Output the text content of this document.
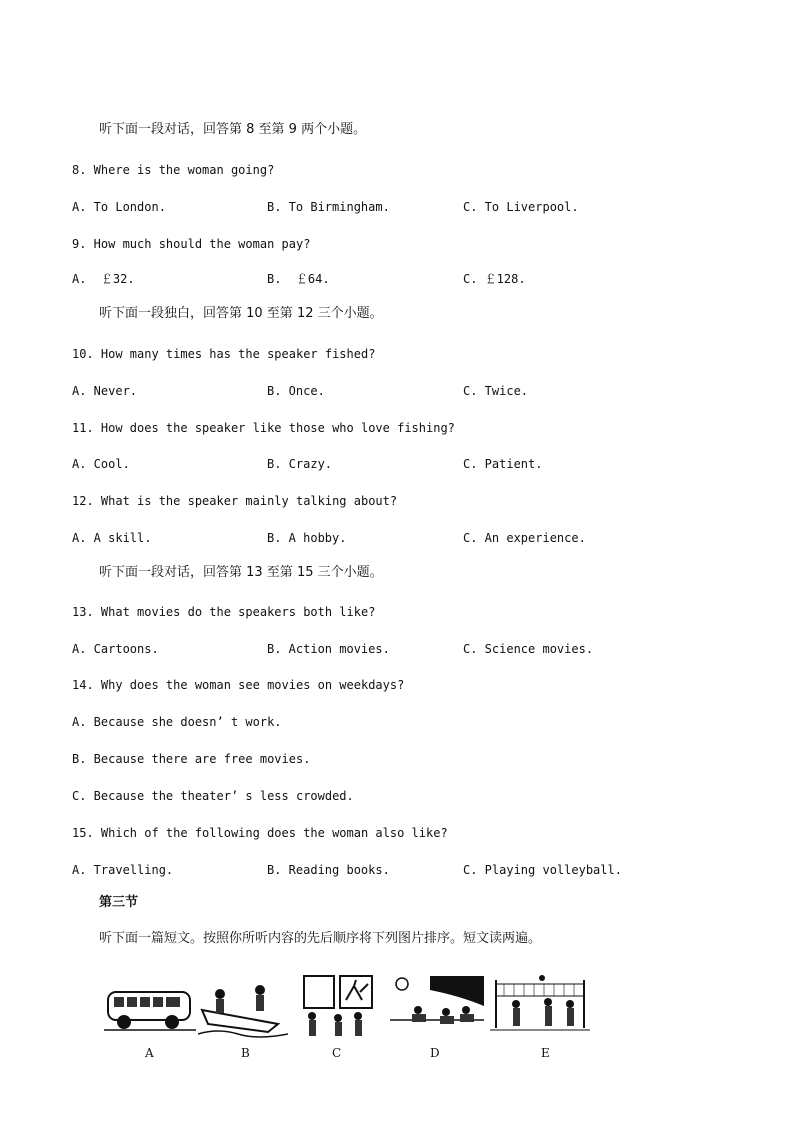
听下面一段对话，回答第 8 至第 9 两个小题。
8. Where is the woman going?
A. To London.	B. To Birmingham.	C. To Liverpool.
9. How much should the woman pay?
A.  ￡32.	B.  ￡64.	C. ￡128.
听下面一段独白，回答第 10 至第 12 三个小题。
10. How many times has the speaker fished?
A. Never.	B. Once.	C. Twice.
11. How does the speaker like those who love fishing?
A. Cool.	B. Crazy.	C. Patient.
12. What is the speaker mainly talking about?
A. A skill.	B. A hobby.	C. An experience.
听下面一段对话，回答第 13 至第 15 三个小题。
13. What movies do the speakers both like?
A. Cartoons.	B. Action movies.	C. Science movies.
14. Why does the woman see movies on weekdays?
A. Because she doesn’ t work.
B. Because there are free movies.
C. Because the theater’ s less crowded.
15. Which of the following does the woman also like?
A. Travelling.	B. Reading books.	C. Playing volleyball.
第三节
听下面一篇短文。按照你所听内容的先后顺序将下列图片排序。短文读两遍。
A	B	C	D	E
